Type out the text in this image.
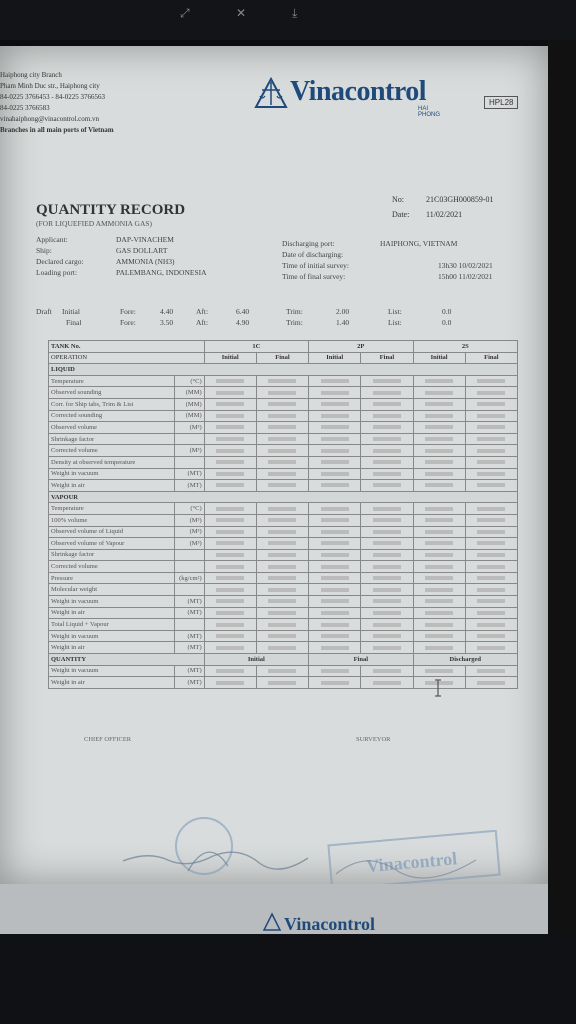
⤢	✕	⤓
Haiphong city Branch
Pham Minh Duc str., Haiphong city
84-0225 3766453 - 84-0225 3766563
84-0225 3766583
vinahaiphong@vinacontrol.com.vn
Branches in all main ports of Vietnam
Vinacontrol
HAI PHONG
HPL28
QUANTITY RECORD
(FOR LIQUEFIED AMMONIA GAS)
No:	21C03GH000859-01
Date: 11/02/2021
Applicant:	DAP-VINACHEM
Ship:	GAS DOLLART
Declared cargo:	AMMONIA (NH3)
Loading port:	PALEMBANG, INDONESIA
Discharging port:	HAIPHONG, VIETNAM
Date of discharging:
Time of initial survey:	13h30 10/02/2021
Time of final survey:	15h00 11/02/2021
Draft Initial	Fore:	4.40	Aft:	6.40	Trim:	2.00	List:	0.0
Final	Fore:	3.50	Aft:	4.90	Trim:	1.40	List:	0.0
TANK No.		1C		2P		2S	
OPERATION		Initial	Final	Initial	Final	Initial	Final
LIQUID							
Temperature	(°C)						
Observed sounding	(MM)						
Corr. for Ship tabs, Trim & List	(MM)						
Corrected sounding	(MM)						
Observed volume	(M³)						
Shrinkage factor							
Corrected volume	(M³)						
Density at observed temperature							
Weight in vacuum	(MT)						
Weight in air	(MT)						
VAPOUR							
Temperature	(°C)						
100% volume	(M³)						
Observed volume of Liquid	(M³)						
Observed volume of Vapour	(M³)						
Shrinkage factor							
Corrected volume							
Pressure	(kg/cm²)						
Molecular weight							
Weight in vacuum	(MT)						
Weight in air	(MT)						
Total Liquid + Vapour							
Weight in vacuum	(MT)						
Weight in air	(MT)						
QUANTITY		Initial		Final		Discharged	
Weight in vacuum	(MT)						
Weight in air	(MT)						
CHIEF OFFICER	SURVEYOR
Vinacontrol
Vinacontrol
